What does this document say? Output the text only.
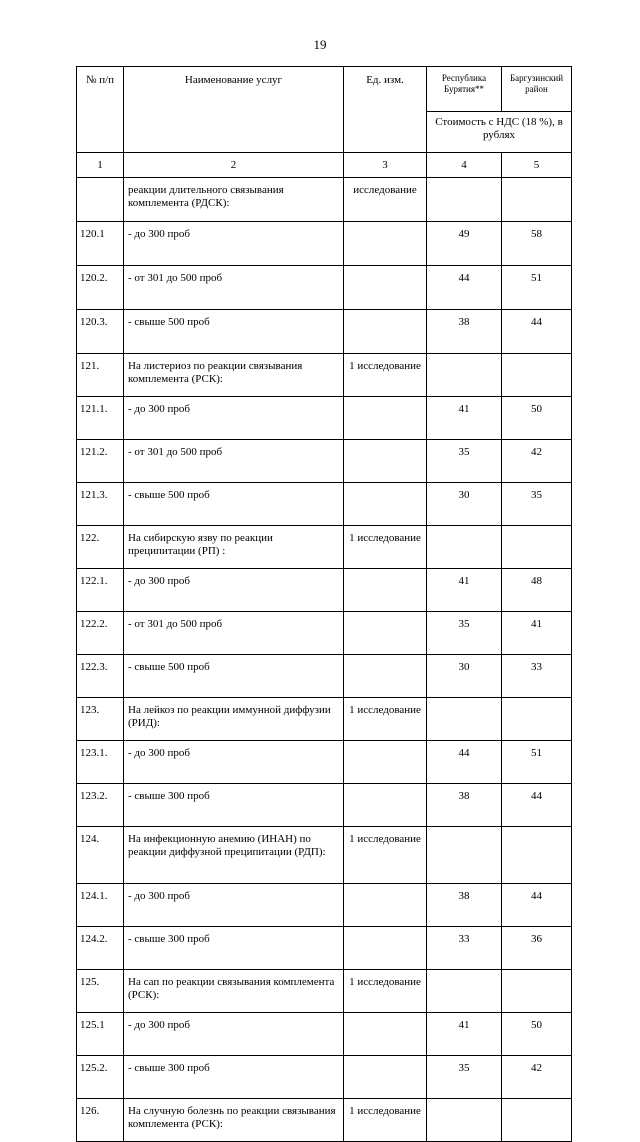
19
№ п/п	Наименование услуг	Ед. изм.	Республика Бурятия**	Баргузинский район
			Стоимость с НДС (18 %), в рублях	
1	2	3	4	5
	реакции длительного связывания комплемента (РДСК):	исследование		
120.1	- до 300 проб		49	58
120.2.	- от 301 до 500 проб		44	51
120.3.	- свыше 500 проб		38	44
121.	На листериоз по реакции связывания комплемента (РСК):	1 исследование		
121.1.	- до 300 проб		41	50
121.2.	- от 301 до 500 проб		35	42
121.3.	- свыше 500 проб		30	35
122.	На сибирскую язву по реакции преципитации (РП) :	1 исследование		
122.1.	- до 300 проб		41	48
122.2.	- от 301 до 500 проб		35	41
122.3.	- свыше 500 проб		30	33
123.	На лейкоз по реакции иммунной диффузии (РИД):	1 исследование		
123.1.	- до 300 проб		44	51
123.2.	- свыше 300 проб		38	44
124.	На инфекционную анемию (ИНАН) по реакции диффузной преципитации (РДП):	1 исследование		
124.1.	- до 300 проб		38	44
124.2.	- свыше 300 проб		33	36
125.	На сап по реакции связывания комплемента (РСК):	1 исследование		
125.1	- до 300 проб		41	50
125.2.	- свыше 300 проб		35	42
126.	На случную болезнь по реакции связывания комплемента (РСК):	1 исследование		
